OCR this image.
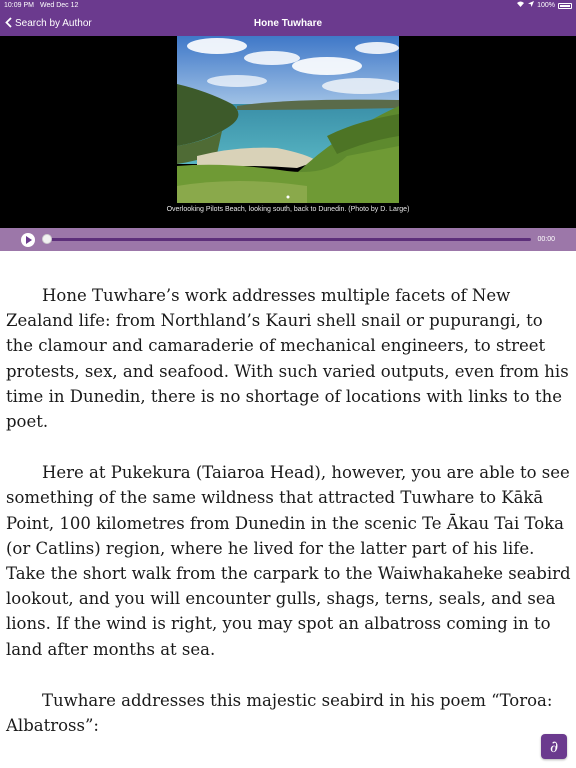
10:09 PM Wed Dec 12	100%
Search by Author	Hone Tuwhare
Overlooking Pilots Beach, looking south, back to Dunedin. (Photo by D. Large)
00:00

Hone Tuwhare’s work addresses multiple facets of New Zealand life: from Northland’s Kauri shell snail or pupurangi, to the clamour and camaraderie of mechanical engineers, to street protests, sex, and seafood. With such varied outputs, even from his time in Dunedin, there is no shortage of locations with links to the poet.

Here at Pukekura (Taiaroa Head), however, you are able to see something of the same wildness that attracted Tuwhare to Kākā Point, 100 kilometres from Dunedin in the scenic Te Ākau Tai Toka (or Catlins) region, where he lived for the latter part of his life. Take the short walk from the carpark to the Waiwhakaheke seabird lookout, and you will encounter gulls, shags, terns, seals, and sea lions. If the wind is right, you may spot an albatross coming in to land after months at sea.

Tuwhare addresses this majestic seabird in his poem “Toroa: Albatross”:

∂
